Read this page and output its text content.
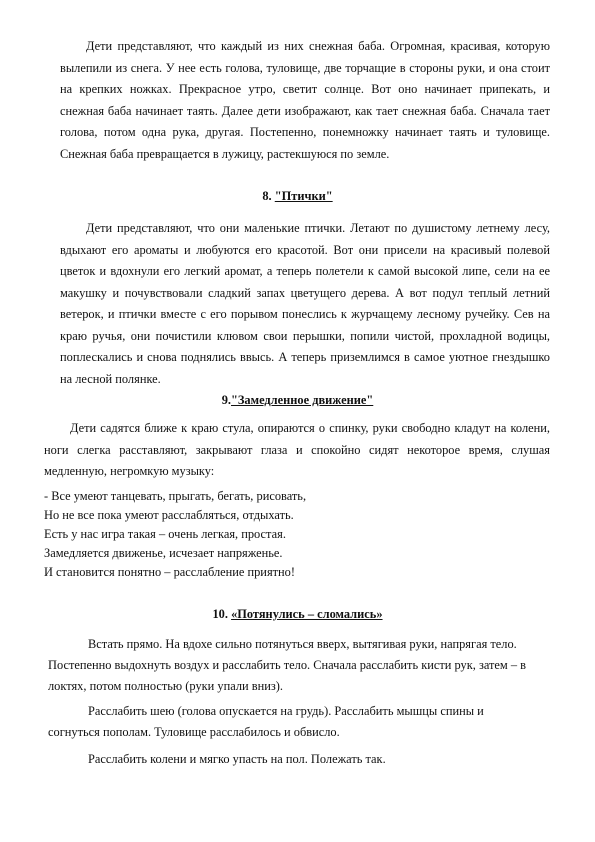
Дети представляют, что каждый из них снежная баба. Огромная, красивая, которую вылепили из снега. У нее есть голова, туловище, две торчащие в стороны руки, и она стоит на крепких ножках. Прекрасное утро, светит солнце. Вот оно начинает припекать, и снежная баба начинает таять. Далее дети изображают, как тает снежная баба. Сначала тает голова, потом одна рука, другая. Постепенно, понемножку начинает таять и туловище. Снежная баба превращается в лужицу, растекшуюся по земле.

8. "Птички"

Дети представляют, что они маленькие птички. Летают по душистому летнему лесу, вдыхают его ароматы и любуются его красотой. Вот они присели на красивый полевой цветок и вдохнули его легкий аромат, а теперь полетели к самой высокой липе, сели на ее макушку и почувствовали сладкий запах цветущего дерева. А вот подул теплый летний ветерок, и птички вместе с его порывом понеслись к журчащему лесному ручейку. Сев на краю ручья, они почистили клювом свои перышки, попили чистой, прохладной водицы, поплескались и снова поднялись ввысь. А теперь приземлимся в самое уютное гнездышко на лесной полянке.

9."Замедленное движение"

Дети садятся ближе к краю стула, опираются о спинку, руки свободно кладут на колени, ноги слегка расставляют, закрывают глаза и спокойно сидят некоторое время, слушая медленную, негромкую музыку:

- Все умеют танцевать, прыгать, бегать, рисовать,
Но не все пока умеют расслабляться, отдыхать.
Есть у нас игра такая – очень легкая, простая.
Замедляется движенье, исчезает напряженье.
И становится понятно – расслабление приятно!

10. «Потянулись – сломались»

Встать прямо. На вдохе сильно потянуться вверх, вытягивая руки, напрягая тело. Постепенно выдохнуть воздух и расслабить тело. Сначала расслабить кисти рук, затем – в локтях, потом полностью (руки упали вниз).

Расслабить шею (голова опускается на грудь). Расслабить мышцы спины и согнуться пополам. Туловище расслабилось и обвисло.

Расслабить колени и мягко упасть на пол. Полежать так.
